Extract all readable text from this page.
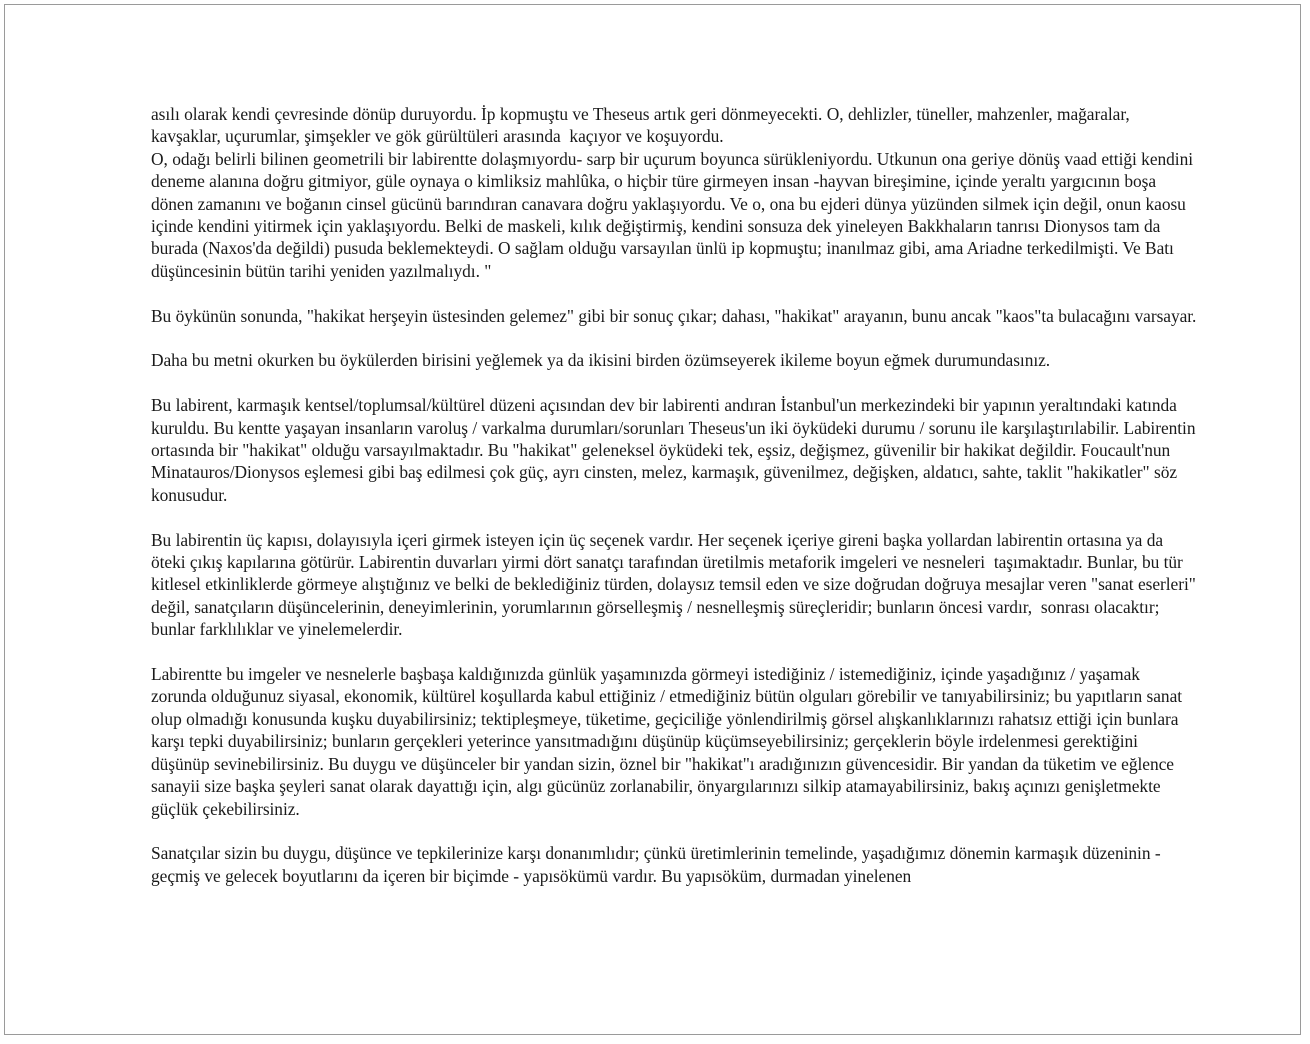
asılı olarak kendi çevresinde dönüp duruyordu. İp kopmuştu ve Theseus artık geri dönmeyecekti. O, dehlizler, tüneller, mahzenler, mağaralar, kavşaklar, uçurumlar, şimşekler ve gök gürültüleri arasında  kaçıyor ve koşuyordu.

O, odağı belirli bilinen geometrili bir labirentte dolaşmıyordu- sarp bir uçurum boyunca sürükleniyordu. Utkunun ona geriye dönüş vaad ettiği kendini deneme alanına doğru gitmiyor, güle oynaya o kimliksiz mahlûka, o hiçbir türe girmeyen insan -hayvan bireşimine, içinde yeraltı yargıcının boşa dönen zamanını ve boğanın cinsel gücünü barındıran canavara doğru yaklaşıyordu. Ve o, ona bu ejderi dünya yüzünden silmek için değil, onun kaosu içinde kendini yitirmek için yaklaşıyordu. Belki de maskeli, kılık değiştirmiş, kendini sonsuza dek yineleyen Bakkhaların tanrısı Dionysos tam da burada (Naxos'da değildi) pusuda beklemekteydi. O sağlam olduğu varsayılan ünlü ip kopmuştu; inanılmaz gibi, ama Ariadne terkedilmişti. Ve Batı düşüncesinin bütün tarihi yeniden yazılmalıydı. "

Bu öykünün sonunda, "hakikat herşeyin üstesinden gelemez" gibi bir sonuç çıkar; dahası, "hakikat" arayanın, bunu ancak "kaos"ta bulacağını varsayar.

Daha bu metni okurken bu öykülerden birisini yeğlemek ya da ikisini birden özümseyerek ikileme boyun eğmek durumundasınız.

Bu labirent, karmaşık kentsel/toplumsal/kültürel düzeni açısından dev bir labirenti andıran İstanbul'un merkezindeki bir yapının yeraltındaki katında kuruldu. Bu kentte yaşayan insanların varoluş / varkalma durumları/sorunları Theseus'un iki öyküdeki durumu / sorunu ile karşılaştırılabilir. Labirentin ortasında bir "hakikat" olduğu varsayılmaktadır. Bu "hakikat" geleneksel öyküdeki tek, eşsiz, değişmez, güvenilir bir hakikat değildir. Foucault'nun Minatauros/Dionysos eşlemesi gibi baş edilmesi çok güç, ayrı cinsten, melez, karmaşık, güvenilmez, değişken, aldatıcı, sahte, taklit "hakikatler" söz konusudur.

Bu labirentin üç kapısı, dolayısıyla içeri girmek isteyen için üç seçenek vardır. Her seçenek içeriye gireni başka yollardan labirentin ortasına ya da öteki çıkış kapılarına götürür. Labirentin duvarları yirmi dört sanatçı tarafından üretilmis metaforik imgeleri ve nesneleri  taşımaktadır. Bunlar, bu tür kitlesel etkinliklerde görmeye alıştığınız ve belki de beklediğiniz türden, dolaysız temsil eden ve size doğrudan doğruya mesajlar veren "sanat eserleri" değil, sanatçıların düşüncelerinin, deneyimlerinin, yorumlarının görselleşmiş / nesnelleşmiş süreçleridir; bunların öncesi vardır,  sonrası olacaktır;  bunlar farklılıklar ve yinelemelerdir.

Labirentte bu imgeler ve nesnelerle başbaşa kaldığınızda günlük yaşamınızda görmeyi istediğiniz / istemediğiniz, içinde yaşadığınız / yaşamak zorunda olduğunuz siyasal, ekonomik, kültürel koşullarda kabul ettiğiniz / etmediğiniz bütün olguları görebilir ve tanıyabilirsiniz; bu yapıtların sanat olup olmadığı konusunda kuşku duyabilirsiniz; tektipleşmeye, tüketime, geçiciliğe yönlendirilmiş görsel alışkanlıklarınızı rahatsız ettiği için bunlara karşı tepki duyabilirsiniz; bunların gerçekleri yeterince yansıtmadığını düşünüp küçümseyebilirsiniz; gerçeklerin böyle irdelenmesi gerektiğini düşünüp sevinebilirsiniz. Bu duygu ve düşünceler bir yandan sizin, öznel bir "hakikat"ı aradığınızın güvencesidir. Bir yandan da tüketim ve eğlence sanayii size başka şeyleri sanat olarak dayattığı için, algı gücünüz zorlanabilir, önyargılarınızı silkip atamayabilirsiniz, bakış açınızı genişletmekte güçlük çekebilirsiniz.

Sanatçılar sizin bu duygu, düşünce ve tepkilerinize karşı donanımlıdır; çünkü üretimlerinin temelinde, yaşadığımız dönemin karmaşık düzeninin - geçmiş ve gelecek boyutlarını da içeren bir biçimde - yapısökümü vardır. Bu yapısöküm, durmadan yinelenen
